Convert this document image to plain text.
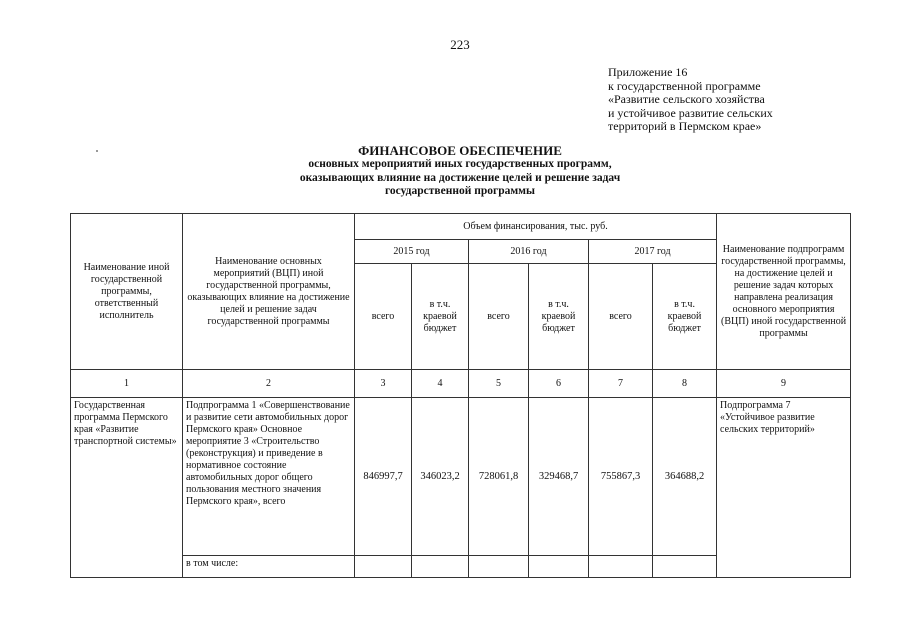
223
Приложение 16
к государственной программе
«Развитие сельского хозяйства
и устойчивое развитие сельских
территорий в Пермском крае»
ФИНАНСОВОЕ ОБЕСПЕЧЕНИЕ
основных мероприятий иных государственных программ,
оказывающих влияние на достижение целей и решение задач
государственной программы
Наименование иной государственной программы, ответственный исполнитель	Наименование основных мероприятий (ВЦП) иной государственной программы, оказывающих влияние на достижение целей и решение задач государственной программы	Объем финансирования, тыс. руб.						Наименование подпрограмм государственной программы, на достижение целей и решение задач которых направлена реализация основного мероприятия (ВЦП) иной государственной программы
		2015 год		2016 год		2017 год		
		всего	в т.ч. краевой бюджет	всего	в т.ч. краевой бюджет	всего	в т.ч. краевой бюджет	
1	2	3	4	5	6	7	8	9
Государственная программа Пермского края «Развитие транспортной системы»	Подпрограмма 1 «Совершенствование и развитие сети автомобильных дорог Пермского края» Основное мероприятие 3 «Строительство (реконструкция) и приведение в нормативное состояние автомобильных дорог общего пользования местного значения Пермского края», всего	846997,7	346023,2	728061,8	329468,7	755867,3	364688,2	Подпрограмма 7 «Устойчивое развитие сельских территорий»
	в том числе:							
